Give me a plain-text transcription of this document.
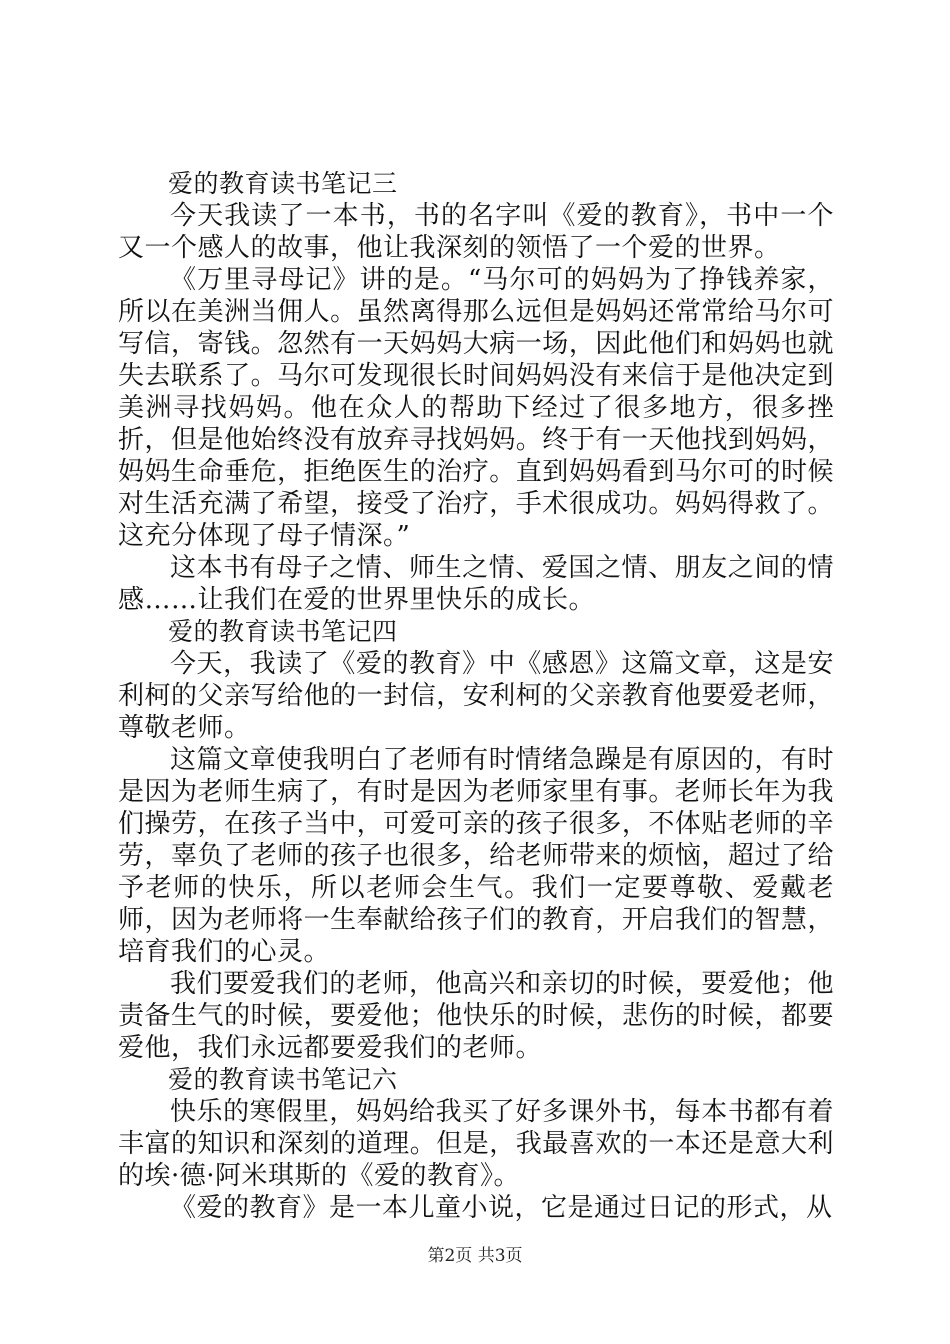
爱的教育读书笔记三

今天我读了一本书，书的名字叫《爱的教育》，书中一个又一个感人的故事，他让我深刻的领悟了一个爱的世界。

《万里寻母记》讲的是。“马尔可的妈妈为了挣钱养家，所以在美洲当佣人。虽然离得那么远但是妈妈还常常给马尔可写信，寄钱。忽然有一天妈妈大病一场，因此他们和妈妈也就失去联系了。马尔可发现很长时间妈妈没有来信于是他决定到美洲寻找妈妈。他在众人的帮助下经过了很多地方，很多挫折，但是他始终没有放弃寻找妈妈。终于有一天他找到妈妈，妈妈生命垂危，拒绝医生的治疗。直到妈妈看到马尔可的时候对生活充满了希望，接受了治疗，手术很成功。妈妈得救了。这充分体现了母子情深。”

这本书有母子之情、师生之情、爱国之情、朋友之间的情感……让我们在爱的世界里快乐的成长。

爱的教育读书笔记四

今天，我读了《爱的教育》中《感恩》这篇文章，这是安利柯的父亲写给他的一封信，安利柯的父亲教育他要爱老师，尊敬老师。

这篇文章使我明白了老师有时情绪急躁是有原因的，有时是因为老师生病了，有时是因为老师家里有事。老师长年为我们操劳，在孩子当中，可爱可亲的孩子很多，不体贴老师的辛劳，辜负了老师的孩子也很多，给老师带来的烦恼，超过了给予老师的快乐，所以老师会生气。我们一定要尊敬、爱戴老师，因为老师将一生奉献给孩子们的教育，开启我们的智慧，培育我们的心灵。

我们要爱我们的老师，他高兴和亲切的时候，要爱他；他责备生气的时候，要爱他；他快乐的时候，悲伤的时候，都要爱他，我们永远都要爱我们的老师。

爱的教育读书笔记六

快乐的寒假里，妈妈给我买了好多课外书，每本书都有着丰富的知识和深刻的道理。但是，我最喜欢的一本还是意大利的埃·德·阿米琪斯的《爱的教育》。

《爱的教育》是一本儿童小说，它是通过日记的形式，从

第2页 共3页
